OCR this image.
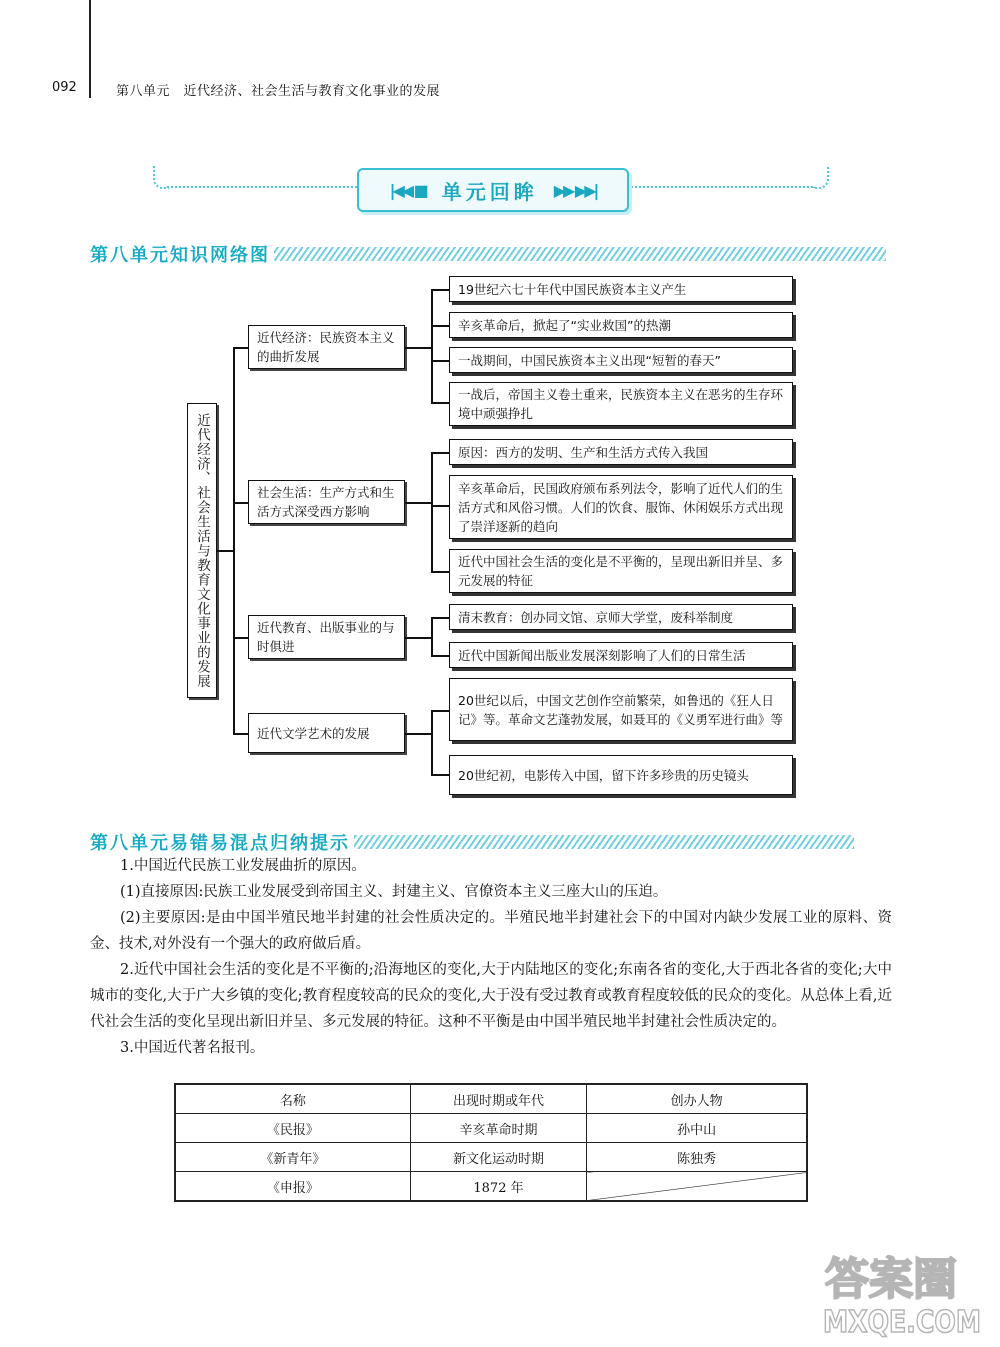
092	第八单元　近代经济、社会生活与教育文化事业的发展
|◀◀ ■ 单元回眸 ▶▶ ▶▶|
第八单元知识网络图
近代经济、社会生活与教育文化事业的发展
近代经济：民族资本主义的曲折发展
19世纪六七十年代中国民族资本主义产生
辛亥革命后，掀起了“实业救国”的热潮
一战期间，中国民族资本主义出现“短暂的春天”
一战后，帝国主义卷土重来，民族资本主义在恶劣的生存环境中顽强挣扎
社会生活：生产方式和生活方式深受西方影响
原因：西方的发明、生产和生活方式传入我国
辛亥革命后，民国政府颁布系列法令，影响了近代人们的生活方式和风俗习惯。人们的饮食、服饰、休闲娱乐方式出现了崇洋逐新的趋向
近代中国社会生活的变化是不平衡的，呈现出新旧并呈、多元发展的特征
近代教育、出版事业的与时俱进
清末教育：创办同文馆、京师大学堂，废科举制度
近代中国新闻出版业发展深刻影响了人们的日常生活
近代文学艺术的发展
20世纪以后，中国文艺创作空前繁荣，如鲁迅的《狂人日记》等。革命文艺蓬勃发展，如聂耳的《义勇军进行曲》等
20世纪初，电影传入中国，留下许多珍贵的历史镜头
第八单元易错易混点归纳提示

1.中国近代民族工业发展曲折的原因。

(1)直接原因:民族工业发展受到帝国主义、封建主义、官僚资本主义三座大山的压迫。

(2)主要原因:是由中国半殖民地半封建的社会性质决定的。半殖民地半封建社会下的中国对内缺少发展工业的原料、资金、技术,对外没有一个强大的政府做后盾。

2.近代中国社会生活的变化是不平衡的;沿海地区的变化,大于内陆地区的变化;东南各省的变化,大于西北各省的变化;大中城市的变化,大于广大乡镇的变化;教育程度较高的民众的变化,大于没有受过教育或教育程度较低的民众的变化。从总体上看,近代社会生活的变化呈现出新旧并呈、多元发展的特征。这种不平衡是由中国半殖民地半封建社会性质决定的。

3.中国近代著名报刊。

名称	出现时期或年代	创办人物
《民报》	辛亥革命时期	孙中山
《新青年》	新文化运动时期	陈独秀
《申报》	1872 年	
答案圈
MXQE.COM
